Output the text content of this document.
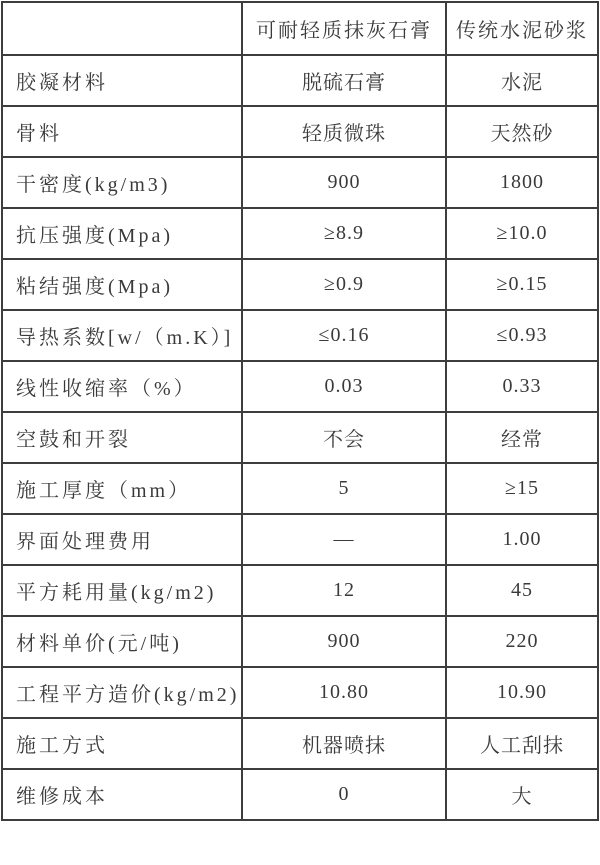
	可耐轻质抹灰石膏	传统水泥砂浆
胶凝材料	脱硫石膏	水泥
骨料	轻质微珠	天然砂
干密度(kg/m3)	900	1800
抗压强度(Mpa)	≥8.9	≥10.0
粘结强度(Mpa)	≥0.9	≥0.15
导热系数[w/（m.K）]	≤0.16	≤0.93
线性收缩率（%）	0.03	0.33
空鼓和开裂	不会	经常
施工厚度（mm）	5	≥15
界面处理费用	—	1.00
平方耗用量(kg/m2)	12	45
材料单价(元/吨)	900	220
工程平方造价(kg/m2)	10.80	10.90
施工方式	机器喷抹	人工刮抹
维修成本	0	大
